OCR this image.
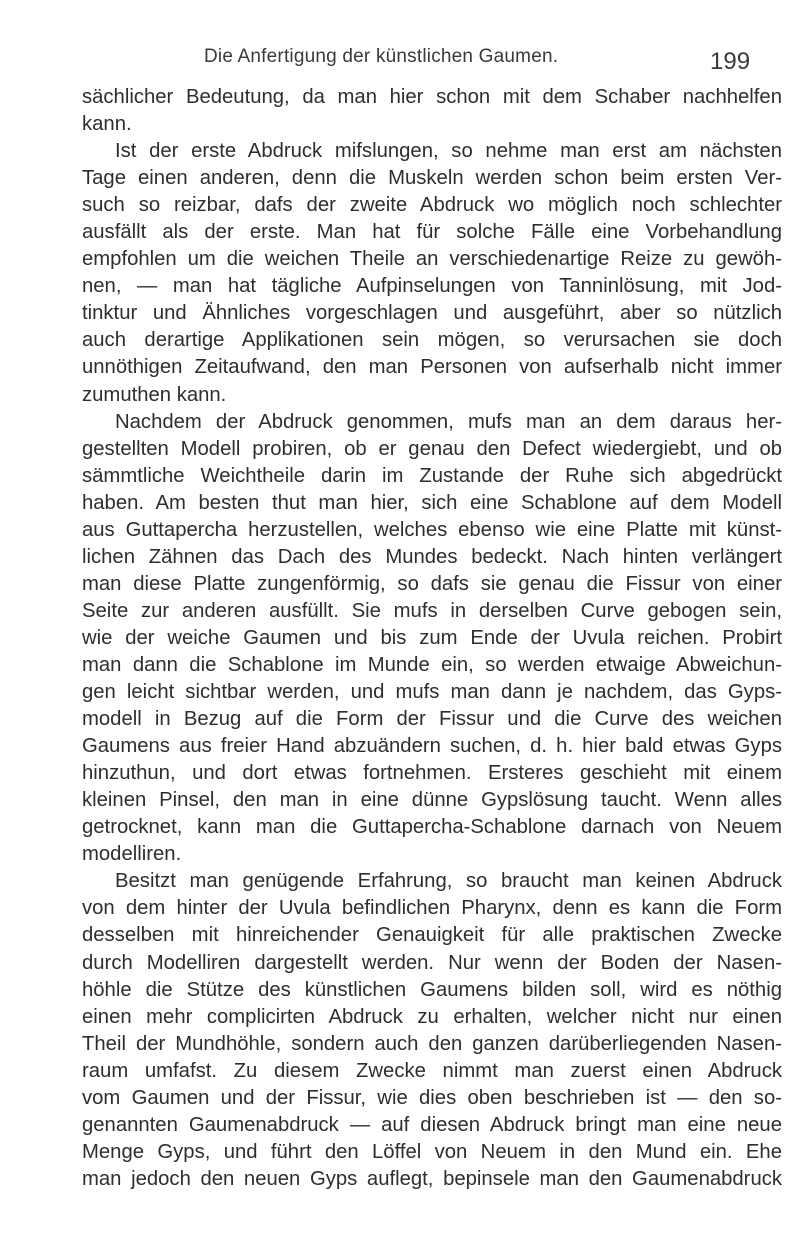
Die Anfertigung der künstlichen Gaumen.	199
sächlicher Bedeutung, da man hier schon mit dem Schaber nachhelfen
kann.
Ist der erste Abdruck mifslungen, so nehme man erst am nächsten
Tage einen anderen, denn die Muskeln werden schon beim ersten Ver-
such so reizbar, dafs der zweite Abdruck wo möglich noch schlechter
ausfällt als der erste. Man hat für solche Fälle eine Vorbehandlung
empfohlen um die weichen Theile an verschiedenartige Reize zu gewöh-
nen, — man hat tägliche Aufpinselungen von Tanninlösung, mit Jod-
tinktur und Ähnliches vorgeschlagen und ausgeführt, aber so nützlich
auch derartige Applikationen sein mögen, so verursachen sie doch
unnöthigen Zeitaufwand, den man Personen von aufserhalb nicht immer
zumuthen kann.
Nachdem der Abdruck genommen, mufs man an dem daraus her-
gestellten Modell probiren, ob er genau den Defect wiedergiebt, und ob
sämmtliche Weichtheile darin im Zustande der Ruhe sich abgedrückt
haben. Am besten thut man hier, sich eine Schablone auf dem Modell
aus Guttapercha herzustellen, welches ebenso wie eine Platte mit künst-
lichen Zähnen das Dach des Mundes bedeckt. Nach hinten verlängert
man diese Platte zungenförmig, so dafs sie genau die Fissur von einer
Seite zur anderen ausfüllt. Sie mufs in derselben Curve gebogen sein,
wie der weiche Gaumen und bis zum Ende der Uvula reichen. Probirt
man dann die Schablone im Munde ein, so werden etwaige Abweichun-
gen leicht sichtbar werden, und mufs man dann je nachdem, das Gyps-
modell in Bezug auf die Form der Fissur und die Curve des weichen
Gaumens aus freier Hand abzuändern suchen, d. h. hier bald etwas Gyps
hinzuthun, und dort etwas fortnehmen. Ersteres geschieht mit einem
kleinen Pinsel, den man in eine dünne Gypslösung taucht. Wenn alles
getrocknet, kann man die Guttapercha-Schablone darnach von Neuem
modelliren.
Besitzt man genügende Erfahrung, so braucht man keinen Abdruck
von dem hinter der Uvula befindlichen Pharynx, denn es kann die Form
desselben mit hinreichender Genauigkeit für alle praktischen Zwecke
durch Modelliren dargestellt werden. Nur wenn der Boden der Nasen-
höhle die Stütze des künstlichen Gaumens bilden soll, wird es nöthig
einen mehr complicirten Abdruck zu erhalten, welcher nicht nur einen
Theil der Mundhöhle, sondern auch den ganzen darüberliegenden Nasen-
raum umfafst. Zu diesem Zwecke nimmt man zuerst einen Abdruck
vom Gaumen und der Fissur, wie dies oben beschrieben ist — den so-
genannten Gaumenabdruck — auf diesen Abdruck bringt man eine neue
Menge Gyps, und führt den Löffel von Neuem in den Mund ein. Ehe
man jedoch den neuen Gyps auflegt, bepinsele man den Gaumenabdruck
